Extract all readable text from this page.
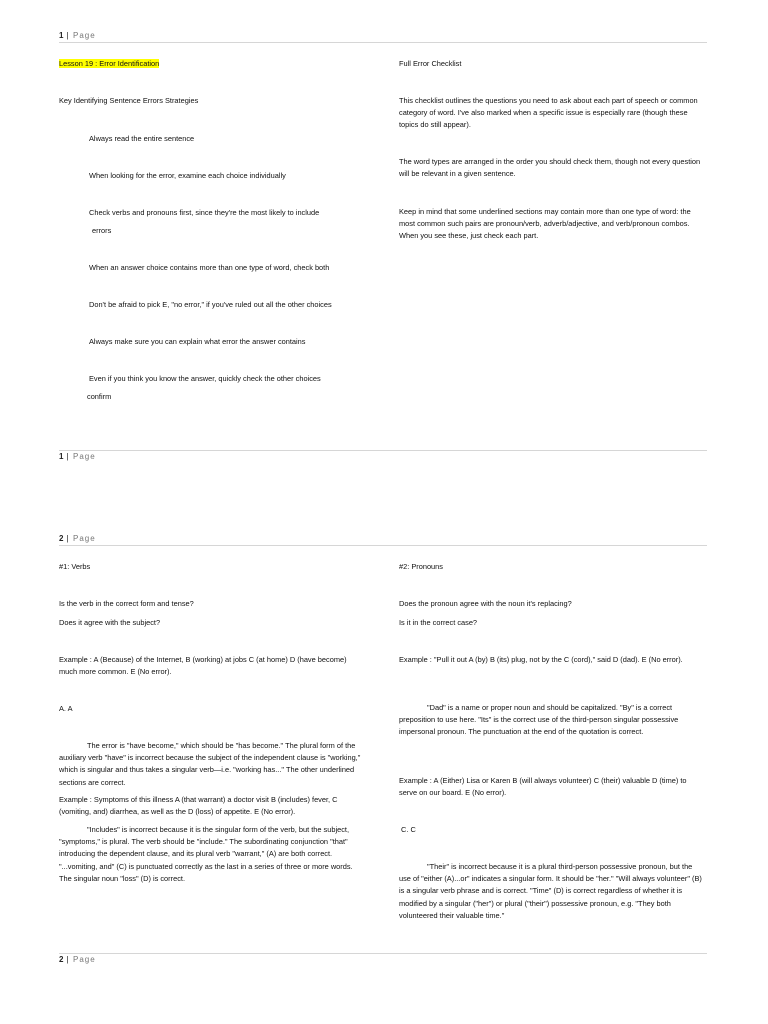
1 | Page
Lesson 19 : Error Identification
Key Identifying Sentence Errors Strategies
Always read the entire sentence
When looking for the error, examine each choice individually
Check verbs and pronouns first, since they're the most likely to include
errors
When an answer choice contains more than one type of word, check both
Don't be afraid to pick E, "no error," if you've ruled out all the other choices
Always make sure you can explain what error the answer contains
Even if you think you know the answer, quickly check the other choices
confirm
Full Error Checklist
This checklist outlines the questions you need to ask about each part of speech or common category of word. I've also marked when a specific issue is especially rare (though these topics do still appear).
The word types are arranged in the order you should check them, though not every question will be relevant in a given sentence.
Keep in mind that some underlined sections may contain more than one type of word: the most common such pairs are pronoun/verb, adverb/adjective, and verb/pronoun combos. When you see these, just check each part.
1 | Page
2 | Page
#1: Verbs
Is the verb in the correct form and tense?
Does it agree with the subject?
Example : A (Because) of the Internet, B (working) at jobs C (at home) D (have become) much more common. E (No error).
A. A
The error is "have become," which should be "has become." The plural form of the auxiliary verb "have" is incorrect because the subject of the independent clause is "working," which is singular and thus takes a singular verb—i.e. "working has..." The other underlined sections are correct.
Example : Symptoms of this illness A (that warrant) a doctor visit B (includes) fever, C (vomiting, and) diarrhea, as well as the D (loss) of appetite. E (No error).
"Includes" is incorrect because it is the singular form of the verb, but the subject, "symptoms," is plural. The verb should be "include." The subordinating conjunction "that" introducing the dependent clause, and its plural verb "warrant," (A) are both correct. "...vomiting, and" (C) is punctuated correctly as the last in a series of three or more words. The singular noun "loss" (D) is correct.
#2: Pronouns
Does the pronoun agree with the noun it's replacing?
Is it in the correct case?
Example : "Pull it out A (by) B (its) plug, not by the C (cord)," said D (dad). E (No error).
"Dad" is a name or proper noun and should be capitalized. "By" is a correct preposition to use here. "Its" is the correct use of the third-person singular possessive impersonal pronoun. The punctuation at the end of the quotation is correct.
Example : A (Either) Lisa or Karen B (will always volunteer) C (their) valuable D (time) to serve on our board. E (No error).
C. C
"Their" is incorrect because it is a plural third-person possessive pronoun, but the use of "either (A)...or" indicates a singular form. It should be "her." "Will always volunteer" (B) is a singular verb phrase and is correct. "Time" (D) is correct regardless of whether it is modified by a singular ("her") or plural ("their") possessive pronoun, e.g. "They both volunteered their valuable time."
2 | Page
